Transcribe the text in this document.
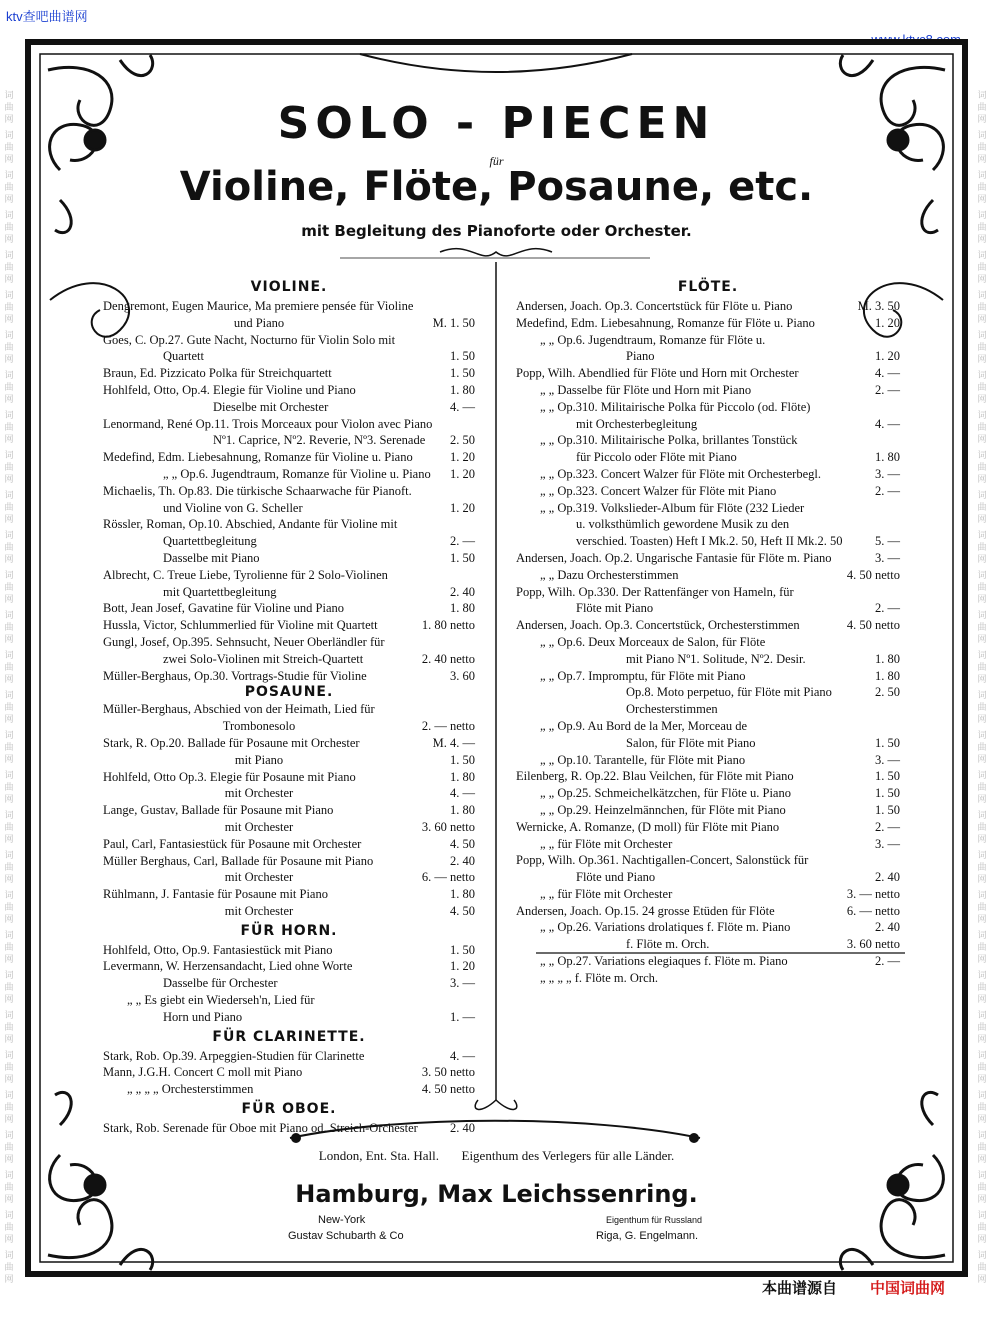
ktv查吧曲谱网
www.ktvc8.com
本曲谱源自 中国词曲网
词
曲
网
词
曲
网
词
曲
网
词
曲
网
词
曲
网
词
曲
网
词
曲
网
词
曲
网
词
曲
网
词
曲
网
词
曲
网
词
曲
网
词
曲
网
词
曲
网
词
曲
网
词
曲
网
词
曲
网
词
曲
网
词
曲
网
词
曲
网
词
曲
网
词
曲
网
词
曲
网
词
曲
网
词
曲
网
词
曲
网
词
曲
网
词
曲
网
词
曲
网
词
曲
网
词
曲
网
词
曲
网
词
曲
网
词
曲
网
词
曲
网
词
曲
网
词
曲
网
词
曲
网
词
曲
网
词
曲
网
词
曲
网
词
曲
网
词
曲
网
词
曲
网
词
曲
网
词
曲
网
词
曲
网
词
曲
网
词
曲
网
词
曲
网
词
曲
网
词
曲
网
词
曲
网
词
曲
网
词
曲
网
词
曲
网
词
曲
网
词
曲
网
词
曲
网
词
曲
网
SOLO - PIECEN
für
Violine, Flöte, Posaune, etc.
mit Begleitung des Pianoforte oder Orchester.
VIOLINE.
Dengremont, Eugen Maurice, Ma premiere pensée für Violine
und Piano	M. 1. 50
Goes, C. Op.27. Gute Nacht, Nocturno für Violin Solo mit
Quartett	1. 50
Braun, Ed. Pizzicato Polka für Streichquartett	1. 50
Hohlfeld, Otto, Op.4. Elegie für Violine und Piano	1. 80
Dieselbe mit Orchester	4. —
Lenormand, René Op.11. Trois Morceaux pour Violon avec Piano
Nº1. Caprice, Nº2. Reverie, Nº3. Serenade 2. 50
Medefind, Edm. Liebesahnung, Romanze für Violine u. Piano	1. 20
„ „ Op.6. Jugendtraum, Romanze für Violine u. Piano 1. 20
Michaelis, Th. Op.83. Die türkische Schaarwache für Pianoft.
und Violine von G. Scheller	1. 20
Rössler, Roman, Op.10. Abschied, Andante für Violine mit
Quartettbegleitung	2. —
Dasselbe mit Piano	1. 50
Albrecht, C. Treue Liebe, Tyrolienne für 2 Solo-Violinen
mit Quartettbegleitung	2. 40
Bott, Jean Josef, Gavatine für Violine und Piano	1. 80
Hussla, Victor, Schlummerlied für Violine mit Quartett	1. 80 netto
Gungl, Josef, Op.395. Sehnsucht, Neuer Oberländler für
zwei Solo-Violinen mit Streich-Quartett	2. 40 netto
Müller-Berghaus, Op.30. Vortrags-Studie für Violine	3. 60
POSAUNE.
Müller-Berghaus, Abschied von der Heimath, Lied für
Trombonesolo	2. — netto
Stark, R. Op.20. Ballade für Posaune mit Orchester	M. 4. —
mit Piano	1. 50
Hohlfeld, Otto Op.3. Elegie für Posaune mit Piano	1. 80
mit Orchester	4. —
Lange, Gustav, Ballade für Posaune mit Piano	1. 80
mit Orchester	3. 60 netto
Paul, Carl, Fantasiestück für Posaune mit Orchester	4. 50
Müller Berghaus, Carl, Ballade für Posaune mit Piano	2. 40
mit Orchester	6. — netto
Rühlmann, J. Fantasie für Posaune mit Piano	1. 80
mit Orchester	4. 50
FÜR HORN.
Hohlfeld, Otto, Op.9. Fantasiestück mit Piano	1. 50
Levermann, W. Herzensandacht, Lied ohne Worte	1. 20
Dasselbe für Orchester	3. —
„ „ Es giebt ein Wiederseh'n, Lied für
Horn und Piano	1. —
FÜR CLARINETTE.
Stark, Rob. Op.39. Arpeggien-Studien für Clarinette	4. —
Mann, J.G.H. Concert C moll mit Piano	3. 50 netto
„ „ „ „ Orchesterstimmen	4. 50 netto
FÜR OBOE.
Stark, Rob. Serenade für Oboe mit Piano od. Streich-Orchester	2. 40
FLÖTE.
Andersen, Joach. Op.3. Concertstück für Flöte u. Piano	M. 3. 50
Medefind, Edm. Liebesahnung, Romanze für Flöte u. Piano	1. 20
„ „ Op.6. Jugendtraum, Romanze für Flöte u.
Piano	1. 20
Popp, Wilh. Abendlied für Flöte und Horn mit Orchester	4. —
„ „ Dasselbe für Flöte und Horn mit Piano	2. —
„ „ Op.310. Militairische Polka für Piccolo (od. Flöte)
mit Orchesterbegleitung	4. —
„ „ Op.310. Militairische Polka, brillantes Tonstück
für Piccolo oder Flöte mit Piano	1. 80
„ „ Op.323. Concert Walzer für Flöte mit Orchesterbegl.	3. —
„ „ Op.323. Concert Walzer für Flöte mit Piano	2. —
„ „ Op.319. Volkslieder-Album für Flöte (232 Lieder
u. volksthümlich gewordene Musik zu den
verschied. Toasten) Heft I Mk.2. 50, Heft II Mk.2. 50	5. —
Andersen, Joach. Op.2. Ungarische Fantasie für Flöte m. Piano	3. —
„ „ Dazu Orchesterstimmen	4. 50 netto
Popp, Wilh. Op.330. Der Rattenfänger von Hameln, für
Flöte mit Piano	2. —
Andersen, Joach. Op.3. Concertstück, Orchesterstimmen	4. 50 netto
„ „ Op.6. Deux Morceaux de Salon, für Flöte
mit Piano Nº1. Solitude, Nº2. Desir.	1. 80
„ „ Op.7. Impromptu, für Flöte mit Piano	1. 80
Op.8. Moto perpetuo, für Flöte mit Piano	2. 50
Orchesterstimmen
„ „ Op.9. Au Bord de la Mer, Morceau de
Salon, für Flöte mit Piano	1. 50
„ „ Op.10. Tarantelle, für Flöte mit Piano	3. —
Eilenberg, R. Op.22. Blau Veilchen, für Flöte mit Piano	1. 50
„ „ Op.25. Schmeichelkätzchen, für Flöte u. Piano	1. 50
„ „ Op.29. Heinzelmännchen, für Flöte mit Piano	1. 50
Wernicke, A. Romanze, (D moll) für Flöte mit Piano	2. —
„ „ für Flöte mit Orchester	3. —
Popp, Wilh. Op.361. Nachtigallen-Concert, Salonstück für
Flöte und Piano	2. 40
„ „ für Flöte mit Orchester	3. — netto
Andersen, Joach. Op.15. 24 grosse Etüden für Flöte	6. — netto
„ „ Op.26. Variations drolatiques f. Flöte m. Piano	2. 40
f. Flöte m. Orch.	3. 60 netto
„ „ Op.27. Variations elegiaques f. Flöte m. Piano	2. —
„ „ „ „ f. Flöte m. Orch.
London, Ent. Sta. Hall. Eigenthum des Verlegers für alle Länder.
Hamburg, Max Leichssenring.
New-York
Gustav Schubarth & Co
Eigenthum für Russland
Riga, G. Engelmann.
